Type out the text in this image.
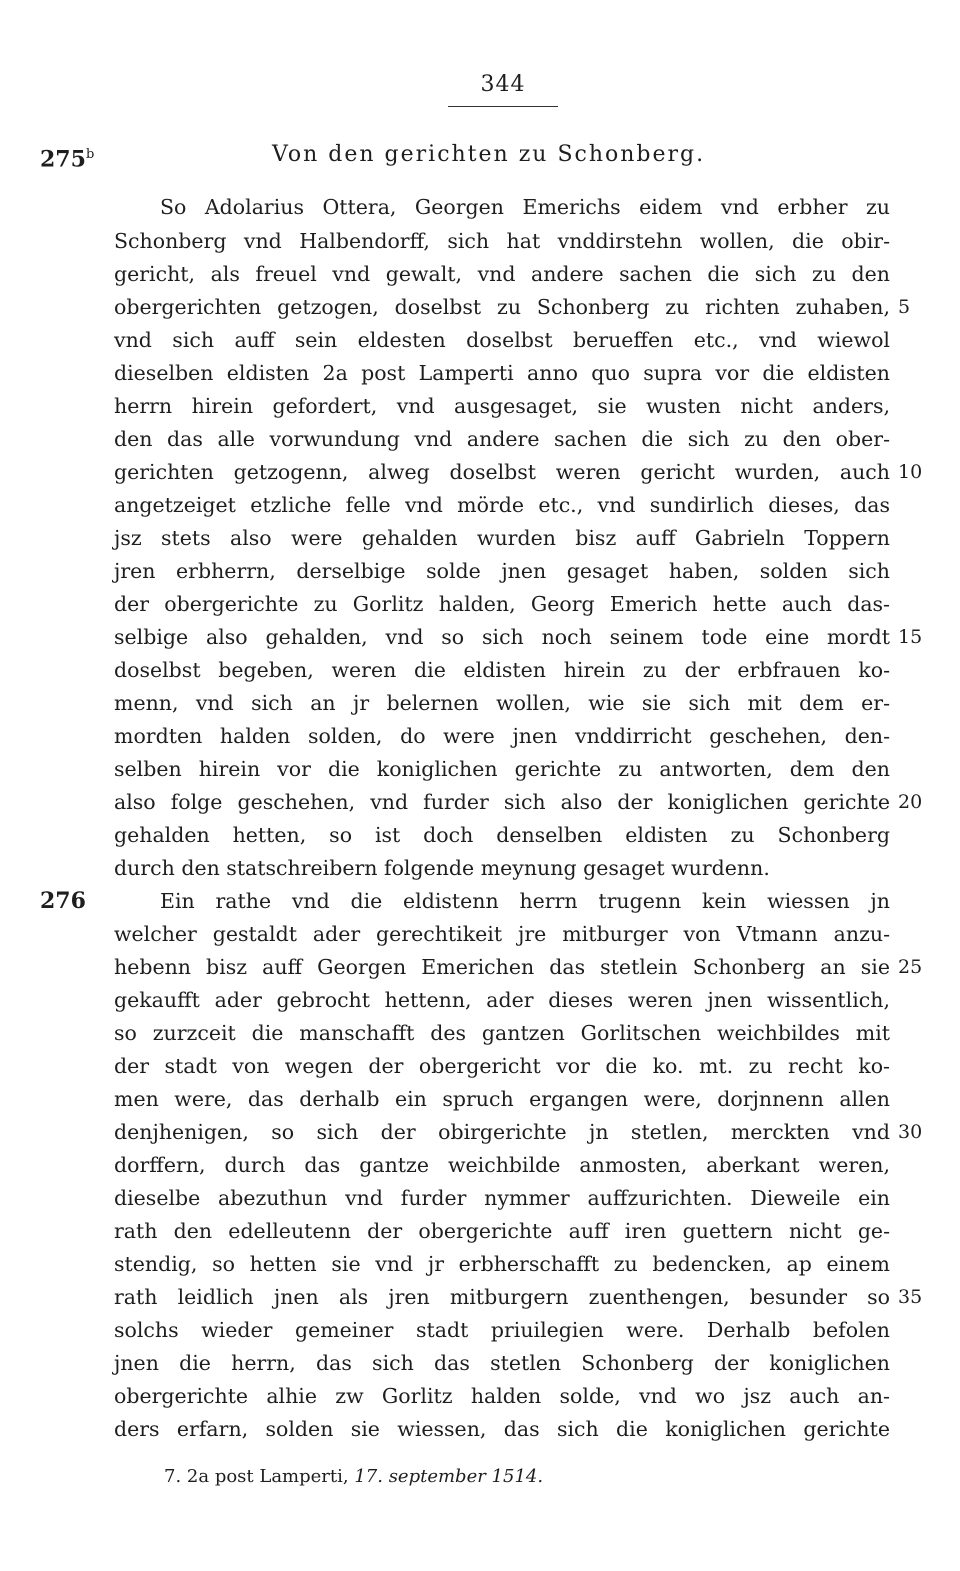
344
275$^b$	Von den gerichten zu Schonberg.
So Adolarius Ottera, Georgen Emerichs eidem vnd erbher zu
Schonberg vnd Halbendorff, sich hat vnddirstehn wollen, die obir-
gericht, als freuel vnd gewalt, vnd andere sachen die sich zu den
obergerichten getzogen, doselbst zu Schonberg zu richten zuhaben,
vnd sich auff sein eldesten doselbst berueffen etc., vnd wiewol
dieselben eldisten 2a post Lamperti anno quo supra vor die eldisten
herrn hirein gefordert, vnd ausgesaget, sie wusten nicht anders,
den das alle vorwundung vnd andere sachen die sich zu den ober-
gerichten getzogenn, alweg doselbst weren gericht wurden, auch
angetzeiget etzliche felle vnd mörde etc., vnd sundirlich dieses, das
jsz stets also were gehalden wurden bisz auff Gabrieln Toppern
jren erbherrn, derselbige solde jnen gesaget haben, solden sich
der obergerichte zu Gorlitz halden, Georg Emerich hette auch das-
selbige also gehalden, vnd so sich noch seinem tode eine mordt
doselbst begeben, weren die eldisten hirein zu der erbfrauen ko-
menn, vnd sich an jr belernen wollen, wie sie sich mit dem er-
mordten halden solden, do were jnen vnddirricht geschehen, den-
selben hirein vor die koniglichen gerichte zu antworten, dem den
also folge geschehen, vnd furder sich also der koniglichen gerichte
gehalden hetten, so ist doch denselben eldisten zu Schonberg
durch den statschreibern folgende meynung gesaget wurdenn.
276	Ein rathe vnd die eldistenn herrn trugenn kein wiessen jn
welcher gestaldt ader gerechtikeit jre mitburger von Vtmann anzu-
hebenn bisz auff Georgen Emerichen das stetlein Schonberg an sie
gekaufft ader gebrocht hettenn, ader dieses weren jnen wissentlich,
so zurzceit die manschafft des gantzen Gorlitschen weichbildes mit
der stadt von wegen der obergericht vor die ko. mt. zu recht ko-
men were, das derhalb ein spruch ergangen were, dorjnnenn allen
denjhenigen, so sich der obirgerichte jn stetlen, merckten vnd
dorffern, durch das gantze weichbilde anmosten, aberkant weren,
dieselbe abezuthun vnd furder nymmer auffzurichten. Dieweile ein
rath den edelleutenn der obergerichte auff iren guettern nicht ge-
stendig, so hetten sie vnd jr erbherschafft zu bedencken, ap einem
rath leidlich jnen als jren mitburgern zuenthengen, besunder so
solchs wieder gemeiner stadt priuilegien were. Derhalb befolen
jnen die herrn, das sich das stetlen Schonberg der koniglichen
obergerichte alhie zw Gorlitz halden solde, vnd wo jsz auch an-
ders erfarn, solden sie wiessen, das sich die koniglichen gerichte
5
10
15
20
25
30
35
7. 2a post Lamperti, 17. september 1514.
